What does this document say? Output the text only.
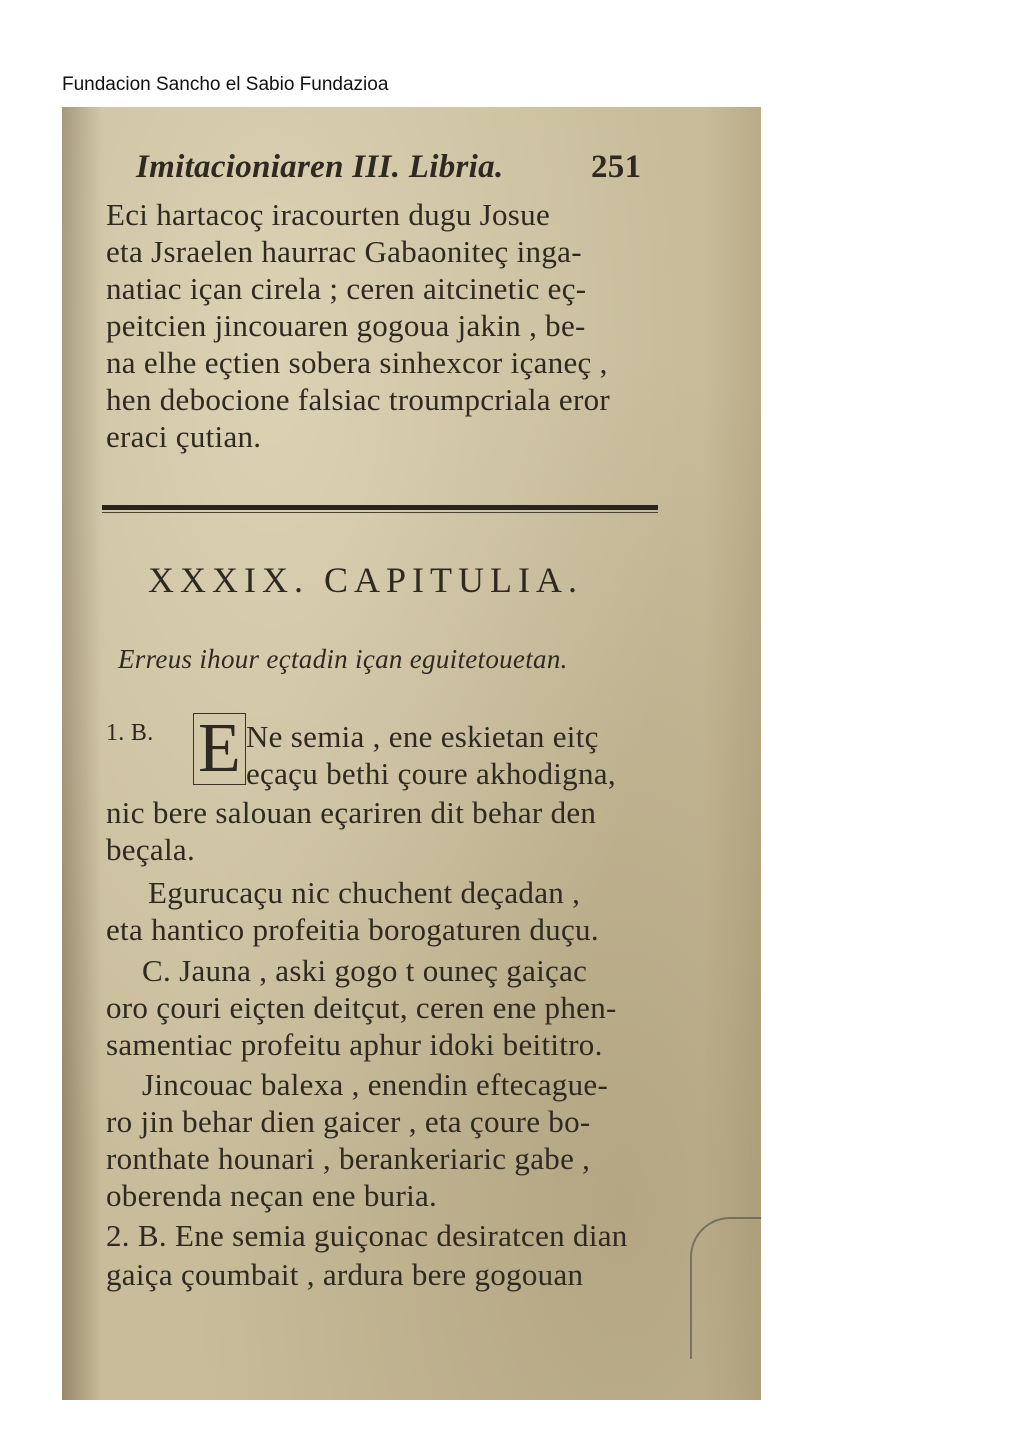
Fundacion Sancho el Sabio Fundazioa
Imitacioniaren III. Libria.	251
Eci hartacoç iracourten dugu Josue
eta Jsraelen haurrac Gabaoniteç inga-
natiac içan cirela ; ceren aitcinetic eç-
peitcien jincouaren gogoua jakin , be-
na elhe eçtien sobera sinhexcor içaneç ,
hen debocione falsiac troumpcriala eror
eraci çutian.
XXXIX. CAPITULIA.
Erreus ihour eçtadin içan eguitetouetan.
1. B. E Ne semia , ene eskietan eitç
eçaçu bethi çoure akhodigna,
nic bere salouan eçariren dit behar den
beçala.
Egurucaçu nic chuchent deçadan ,
eta hantico profeitia borogaturen duçu.
C. Jauna , aski gogo t ouneç gaiçac
oro çouri eiçten deitçut, ceren ene phen-
samentiac profeitu aphur idoki beititro.
Jincouac balexa , enendin eftecague-
ro jin behar dien gaicer , eta çoure bo-
ronthate hounari , berankeriaric gabe ,
oberenda neçan ene buria.
2. B. Ene semia guiçonac desiratcen dian
gaiça çoumbait , ardura bere gogouan
